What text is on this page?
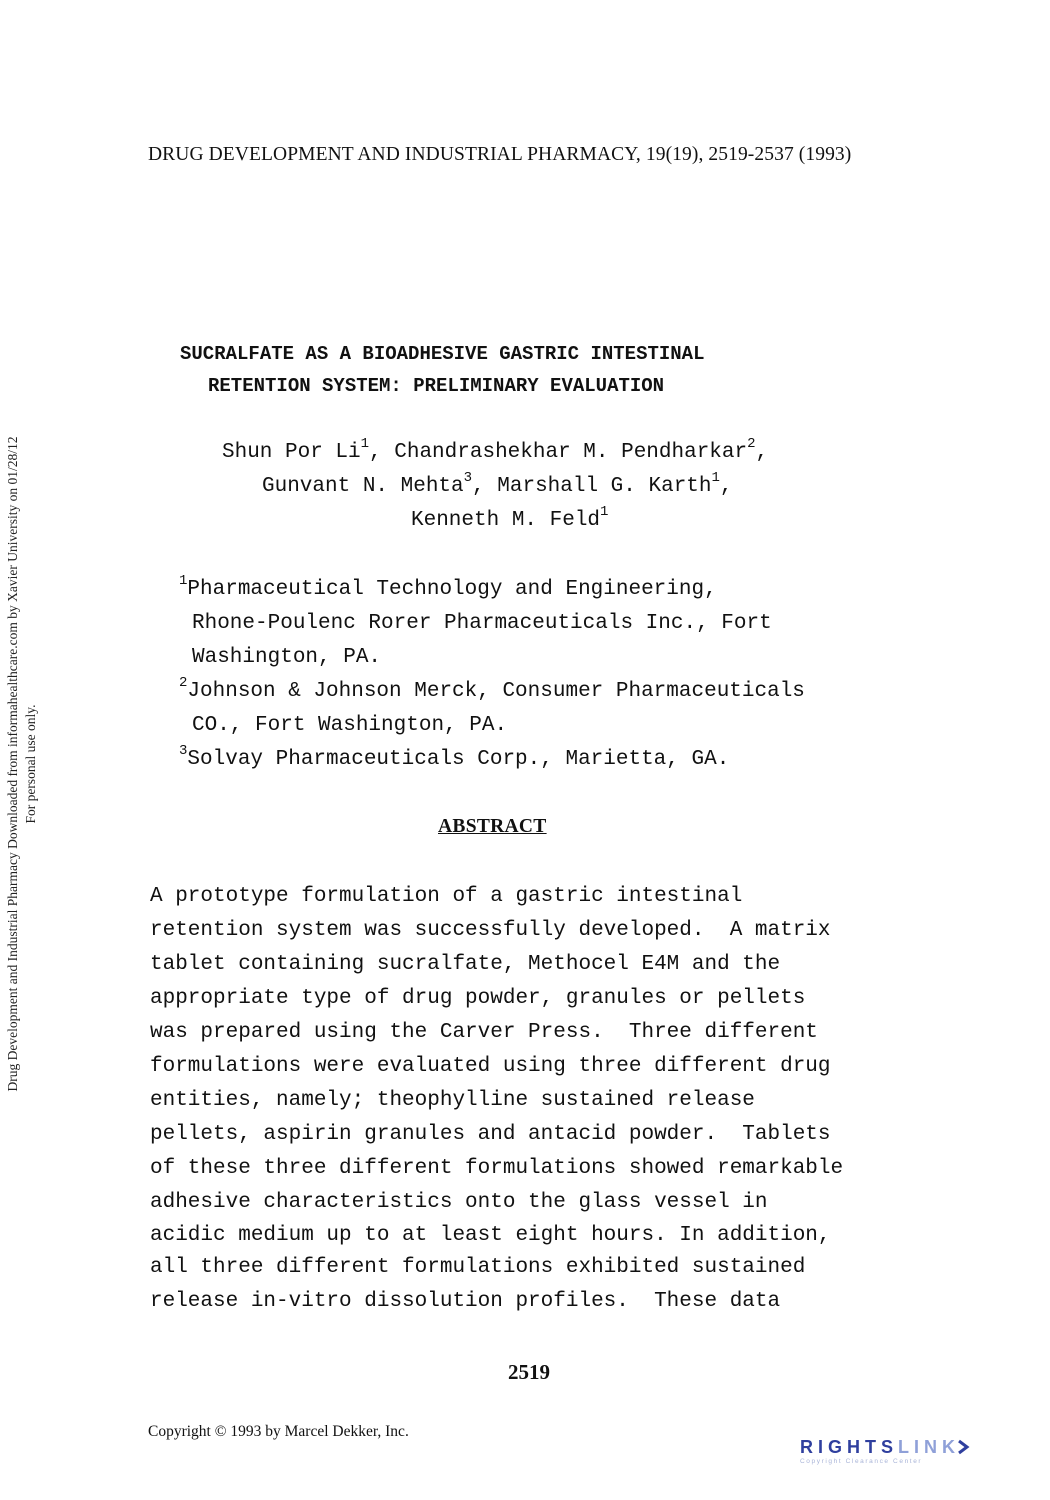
DRUG DEVELOPMENT AND INDUSTRIAL PHARMACY, 19(19), 2519-2537 (1993)
Drug Development and Industrial Pharmacy Downloaded from informahealthcare.com by Xavier University on 01/28/12 For personal use only.
SUCRALFATE AS A BIOADHESIVE GASTRIC INTESTINAL
RETENTION SYSTEM: PRELIMINARY EVALUATION
Shun Por Li$^1$, Chandrashekhar M. Pendharkar$^2$,
Gunvant N. Mehta$^3$, Marshall G. Karth$^1$,
Kenneth M. Feld$^1$
$^1$Pharmaceutical Technology and Engineering,
Rhone-Poulenc Rorer Pharmaceuticals Inc., Fort
Washington, PA.
$^2$Johnson & Johnson Merck, Consumer Pharmaceuticals
CO., Fort Washington, PA.
$^3$Solvay Pharmaceuticals Corp., Marietta, GA.
ABSTRACT
A prototype formulation of a gastric intestinal
retention system was successfully developed.  A matrix
tablet containing sucralfate, Methocel E4M and the
appropriate type of drug powder, granules or pellets
was prepared using the Carver Press.  Three different
formulations were evaluated using three different drug
entities, namely; theophylline sustained release
pellets, aspirin granules and antacid powder.  Tablets
of these three different formulations showed remarkable
adhesive characteristics onto the glass vessel in
acidic medium up to at least eight hours. In addition,
all three different formulations exhibited sustained
release in-vitro dissolution profiles.  These data
2519
Copyright © 1993 by Marcel Dekker, Inc.
RIGHTSLINK
Copyright Clearance Center
